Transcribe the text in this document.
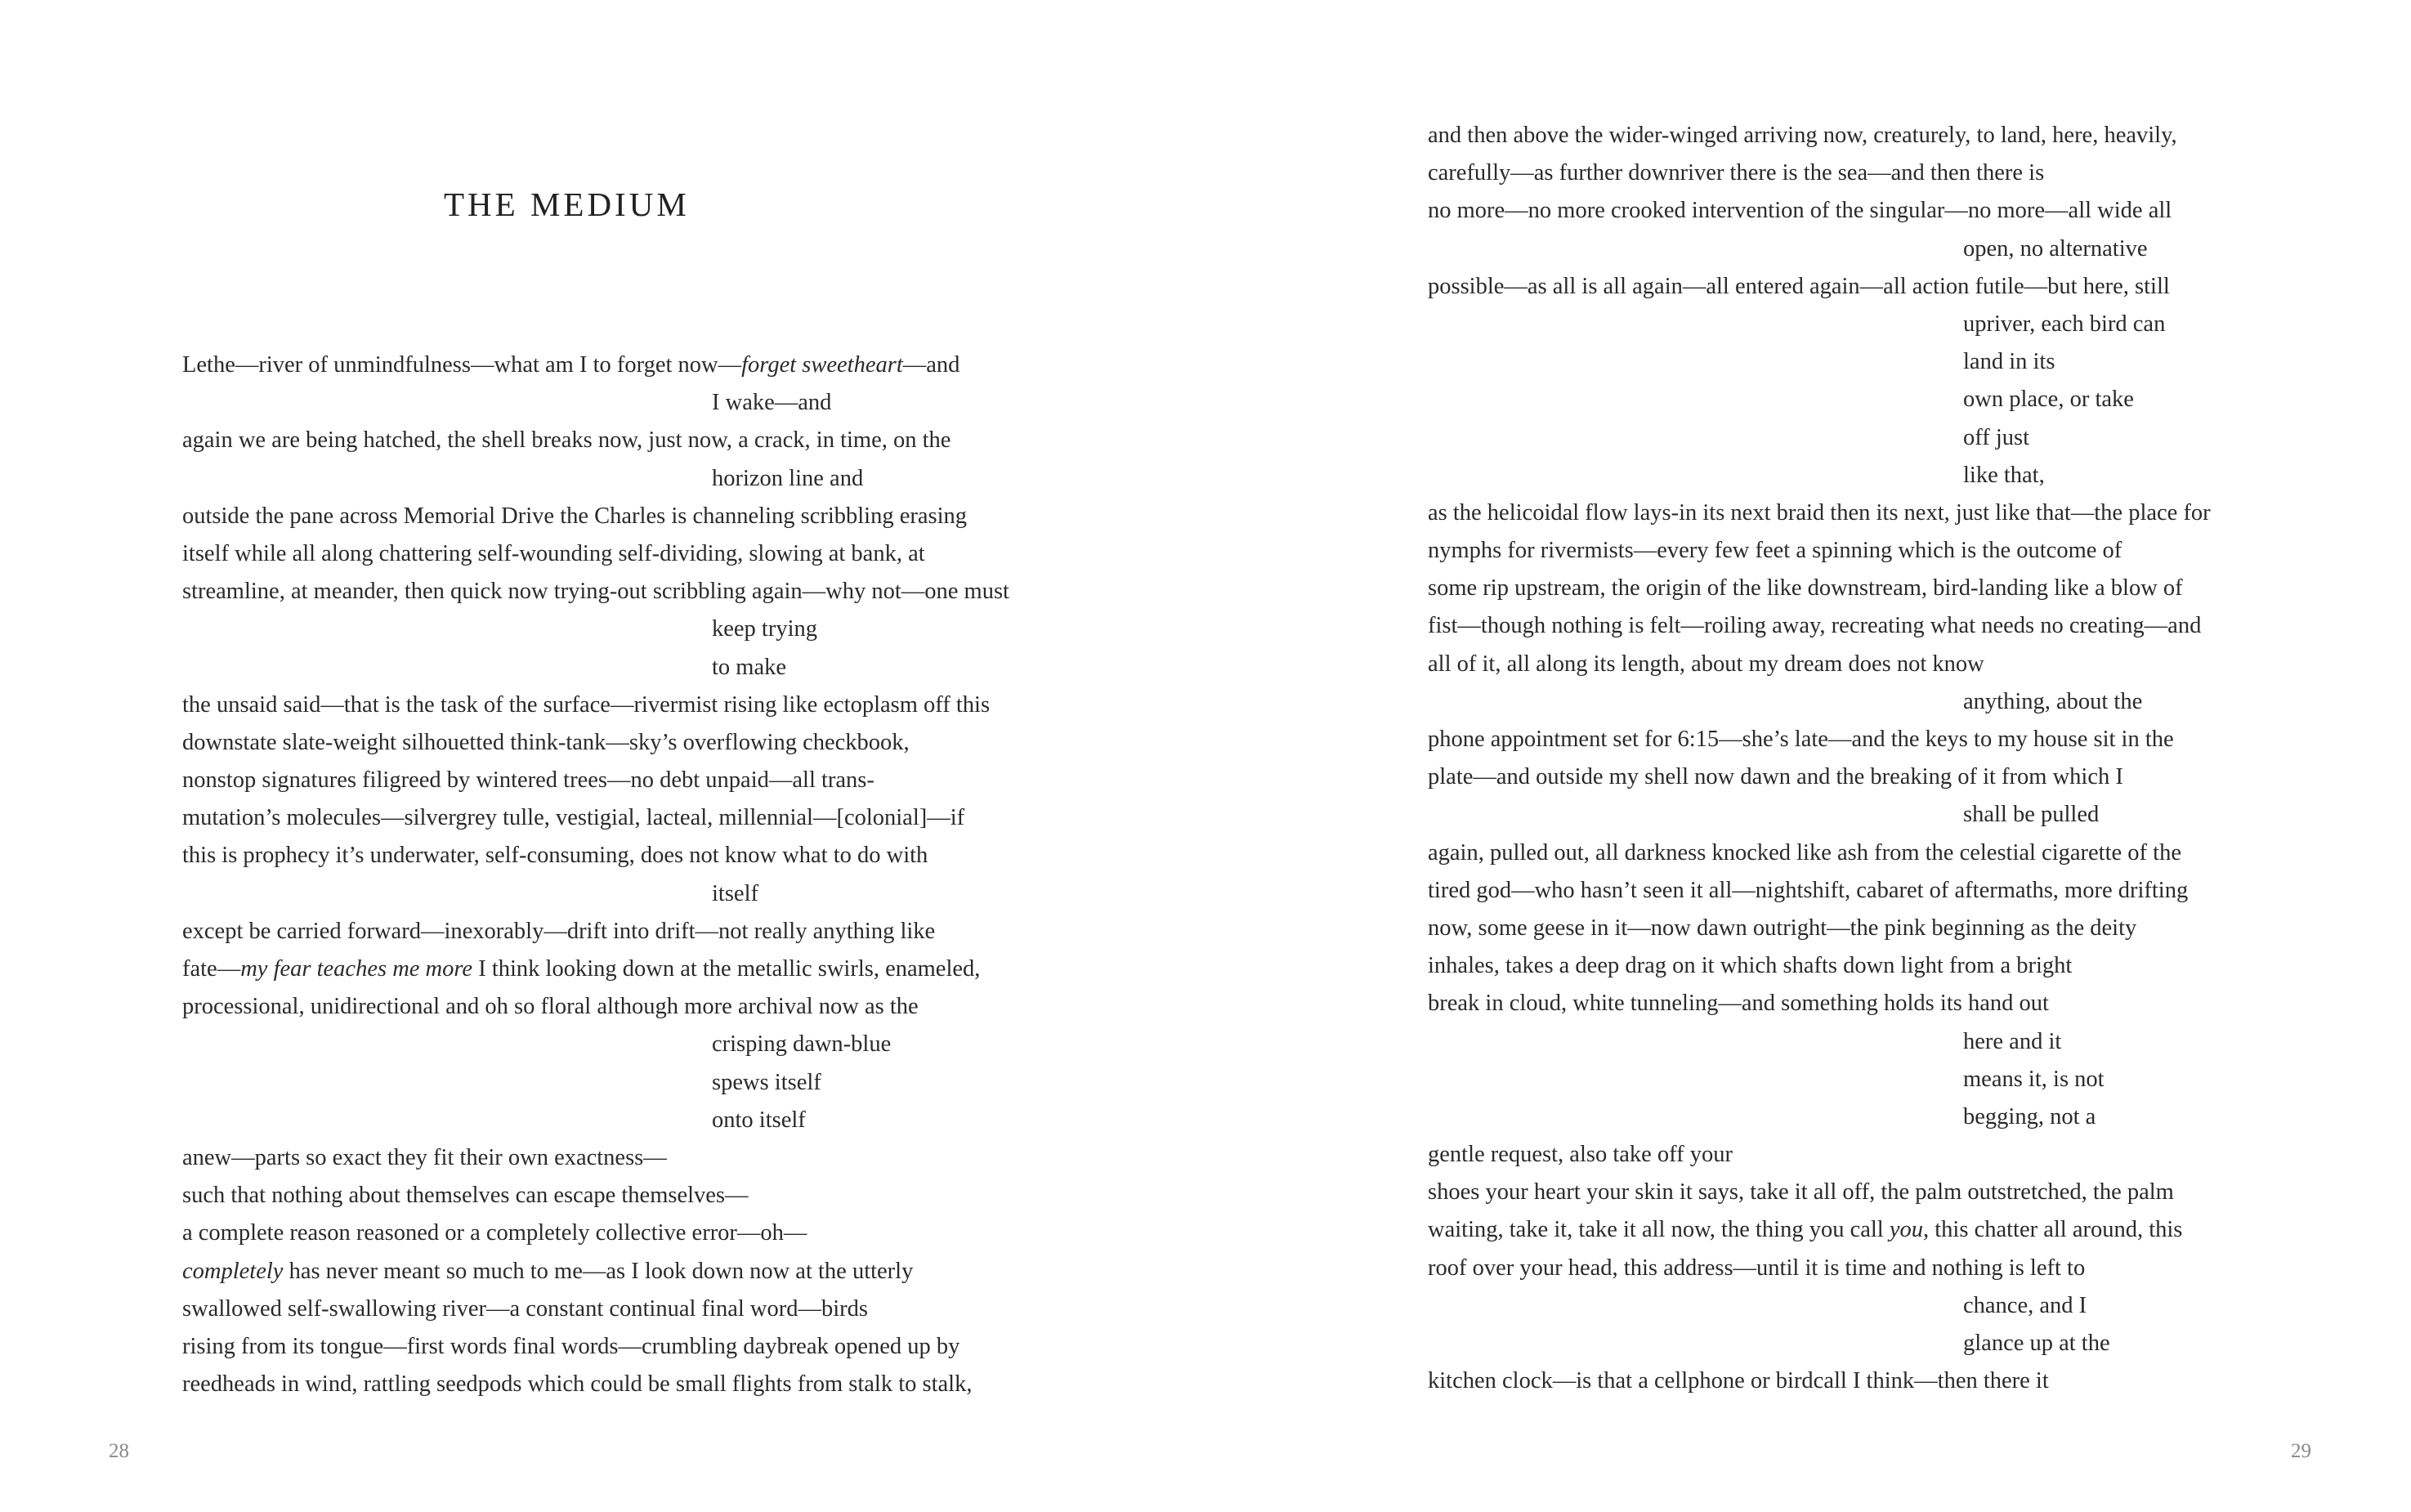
THE MEDIUM
Lethe—river of unmindfulness—what am I to forget now—forget sweetheart—and
I wake—and
again we are being hatched, the shell breaks now, just now, a crack, in time, on the
horizon line and
outside the pane across Memorial Drive the Charles is channeling scribbling erasing
itself while all along chattering self-wounding self-dividing, slowing at bank, at
streamline, at meander, then quick now trying-out scribbling again—why not—one must
keep trying
to make
the unsaid said—that is the task of the surface—rivermist rising like ectoplasm off this
downstate slate-weight silhouetted think-tank—sky’s overflowing checkbook,
nonstop signatures filigreed by wintered trees—no debt unpaid—all trans-
mutation’s molecules—silvergrey tulle, vestigial, lacteal, millennial—[colonial]—if
this is prophecy it’s underwater, self-consuming, does not know what to do with
itself
except be carried forward—inexorably—drift into drift—not really anything like
fate—my fear teaches me more I think looking down at the metallic swirls, enameled,
processional, unidirectional and oh so floral although more archival now as the
crisping dawn-blue
spews itself
onto itself
anew—parts so exact they fit their own exactness—
such that nothing about themselves can escape themselves—
a complete reason reasoned or a completely collective error—oh—
completely has never meant so much to me—as I look down now at the utterly
swallowed self-swallowing river—a constant continual final word—birds
rising from its tongue—first words final words—crumbling daybreak opened up by
reedheads in wind, rattling seedpods which could be small flights from stalk to stalk,
28
and then above the wider-winged arriving now, creaturely, to land, here, heavily,
carefully—as further downriver there is the sea—and then there is
no more—no more crooked intervention of the singular—no more—all wide all
open, no alternative
possible—as all is all again—all entered again—all action futile—but here, still
upriver, each bird can
land in its
own place, or take
off just
like that,
as the helicoidal flow lays-in its next braid then its next, just like that—the place for
nymphs for rivermists—every few feet a spinning which is the outcome of
some rip upstream, the origin of the like downstream, bird-landing like a blow of
fist—though nothing is felt—roiling away, recreating what needs no creating—and
all of it, all along its length, about my dream does not know
anything, about the
phone appointment set for 6:15—she’s late—and the keys to my house sit in the
plate—and outside my shell now dawn and the breaking of it from which I
shall be pulled
again, pulled out, all darkness knocked like ash from the celestial cigarette of the
tired god—who hasn’t seen it all—nightshift, cabaret of aftermaths, more drifting
now, some geese in it—now dawn outright—the pink beginning as the deity
inhales, takes a deep drag on it which shafts down light from a bright
break in cloud, white tunneling—and something holds its hand out
here and it
means it, is not
begging, not a
gentle request, also take off your
shoes your heart your skin it says, take it all off, the palm outstretched, the palm
waiting, take it, take it all now, the thing you call you, this chatter all around, this
roof over your head, this address—until it is time and nothing is left to
chance, and I
glance up at the
kitchen clock—is that a cellphone or birdcall I think—then there it
29
